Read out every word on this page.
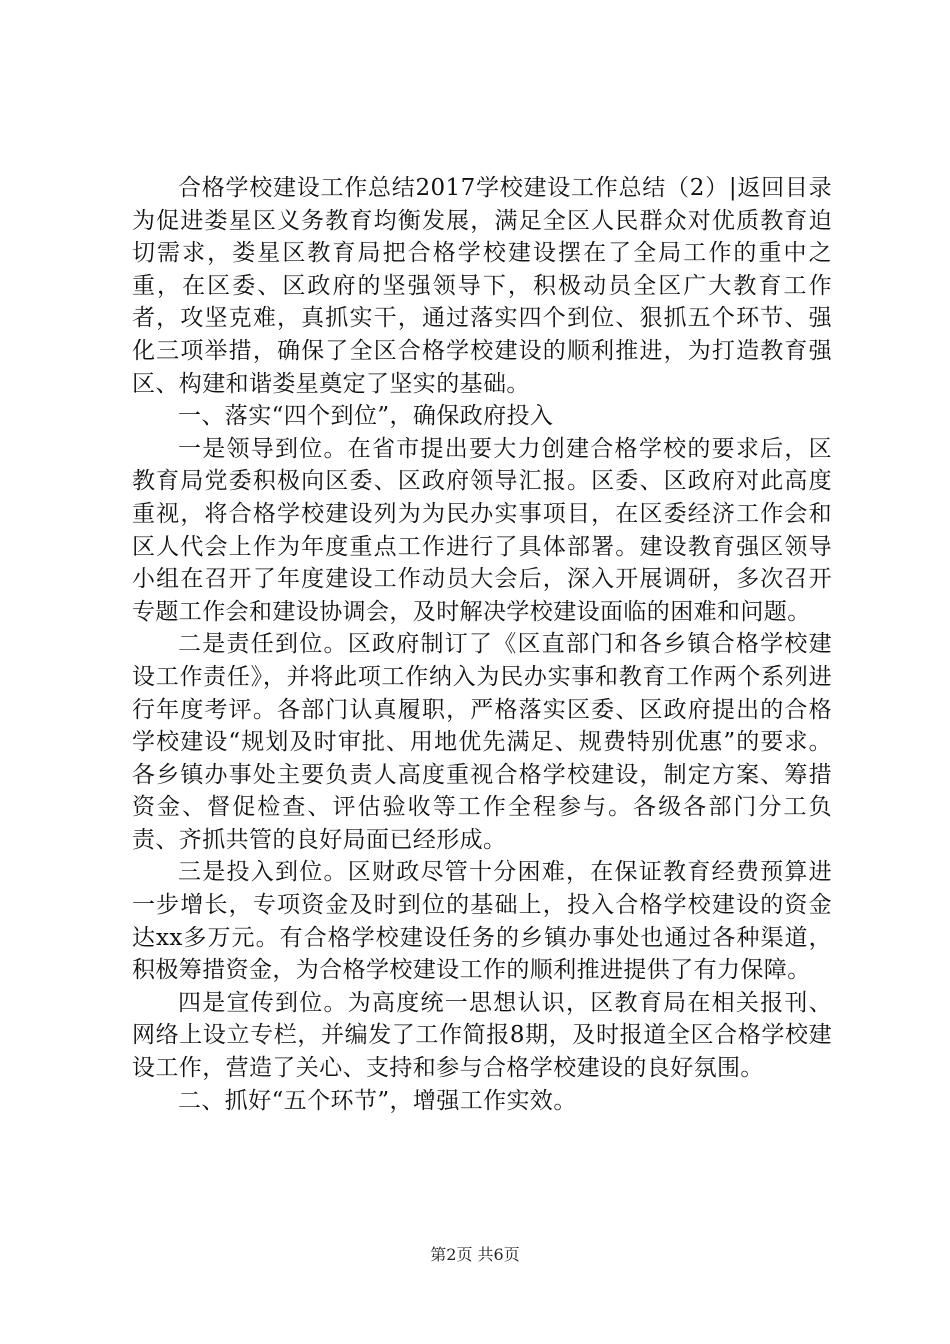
合格学校建设工作总结2017学校建设工作总结（2）|返回目录为促进娄星区义务教育均衡发展，满足全区人民群众对优质教育迫切需求，娄星区教育局把合格学校建设摆在了全局工作的重中之重，在区委、区政府的坚强领导下，积极动员全区广大教育工作者，攻坚克难，真抓实干，通过落实四个到位、狠抓五个环节、强化三项举措，确保了全区合格学校建设的顺利推进，为打造教育强区、构建和谐娄星奠定了坚实的基础。

一、落实“四个到位”，确保政府投入

一是领导到位。在省市提出要大力创建合格学校的要求后，区教育局党委积极向区委、区政府领导汇报。区委、区政府对此高度重视，将合格学校建设列为为民办实事项目，在区委经济工作会和区人代会上作为年度重点工作进行了具体部署。建设教育强区领导小组在召开了年度建设工作动员大会后，深入开展调研，多次召开专题工作会和建设协调会，及时解决学校建设面临的困难和问题。

二是责任到位。区政府制订了《区直部门和各乡镇合格学校建设工作责任》，并将此项工作纳入为民办实事和教育工作两个系列进行年度考评。各部门认真履职，严格落实区委、区政府提出的合格学校建设“规划及时审批、用地优先满足、规费特别优惠”的要求。各乡镇办事处主要负责人高度重视合格学校建设，制定方案、筹措资金、督促检查、评估验收等工作全程参与。各级各部门分工负责、齐抓共管的良好局面已经形成。

三是投入到位。区财政尽管十分困难，在保证教育经费预算进一步增长，专项资金及时到位的基础上，投入合格学校建设的资金达xx多万元。有合格学校建设任务的乡镇办事处也通过各种渠道，积极筹措资金，为合格学校建设工作的顺利推进提供了有力保障。

四是宣传到位。为高度统一思想认识，区教育局在相关报刊、网络上设立专栏，并编发了工作简报8期，及时报道全区合格学校建设工作，营造了关心、支持和参与合格学校建设的良好氛围。

二、抓好“五个环节”，增强工作实效。

第2页 共6页
